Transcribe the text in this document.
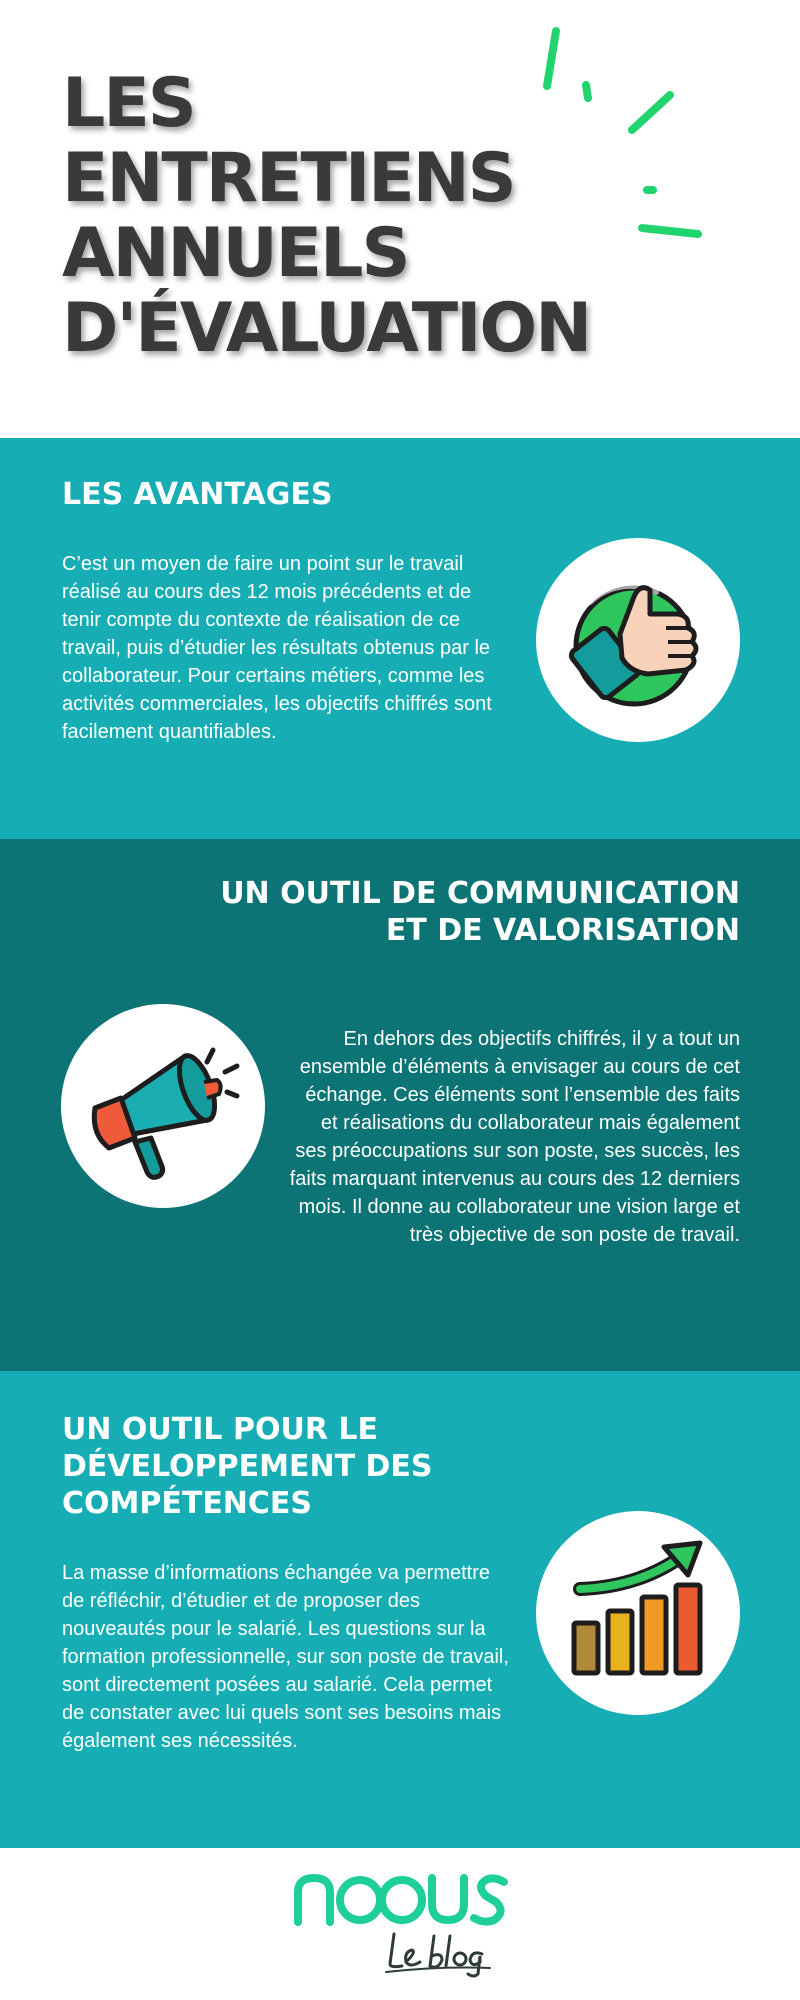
LES
ENTRETIENS
ANNUELS
D'ÉVALUATION
LES AVANTAGES

C’est un moyen de faire un point sur le travail réalisé au cours des 12 mois précédents et de tenir compte du contexte de réalisation de ce travail, puis d’étudier les résultats obtenus par le collaborateur. Pour certains métiers, comme les activités commerciales, les objectifs chiffrés sont facilement quantifiables.

UN OUTIL DE COMMUNICATION ET DE VALORISATION

En dehors des objectifs chiffrés, il y a tout un ensemble d’éléments à envisager au cours de cet échange. Ces éléments sont l’ensemble des faits et réalisations du collaborateur mais également ses préoccupations sur son poste, ses succès, les faits marquant intervenus au cours des 12 derniers mois. Il donne au collaborateur une vision large et très objective de son poste de travail.

UN OUTIL POUR LE DÉVELOPPEMENT DES COMPÉTENCES

La masse d’informations échangée va permettre de réfléchir, d’étudier et de proposer des nouveautés pour le salarié. Les questions sur la formation professionnelle, sur son poste de travail, sont directement posées au salarié. Cela permet de constater avec lui quels sont ses besoins mais également ses nécessités.
